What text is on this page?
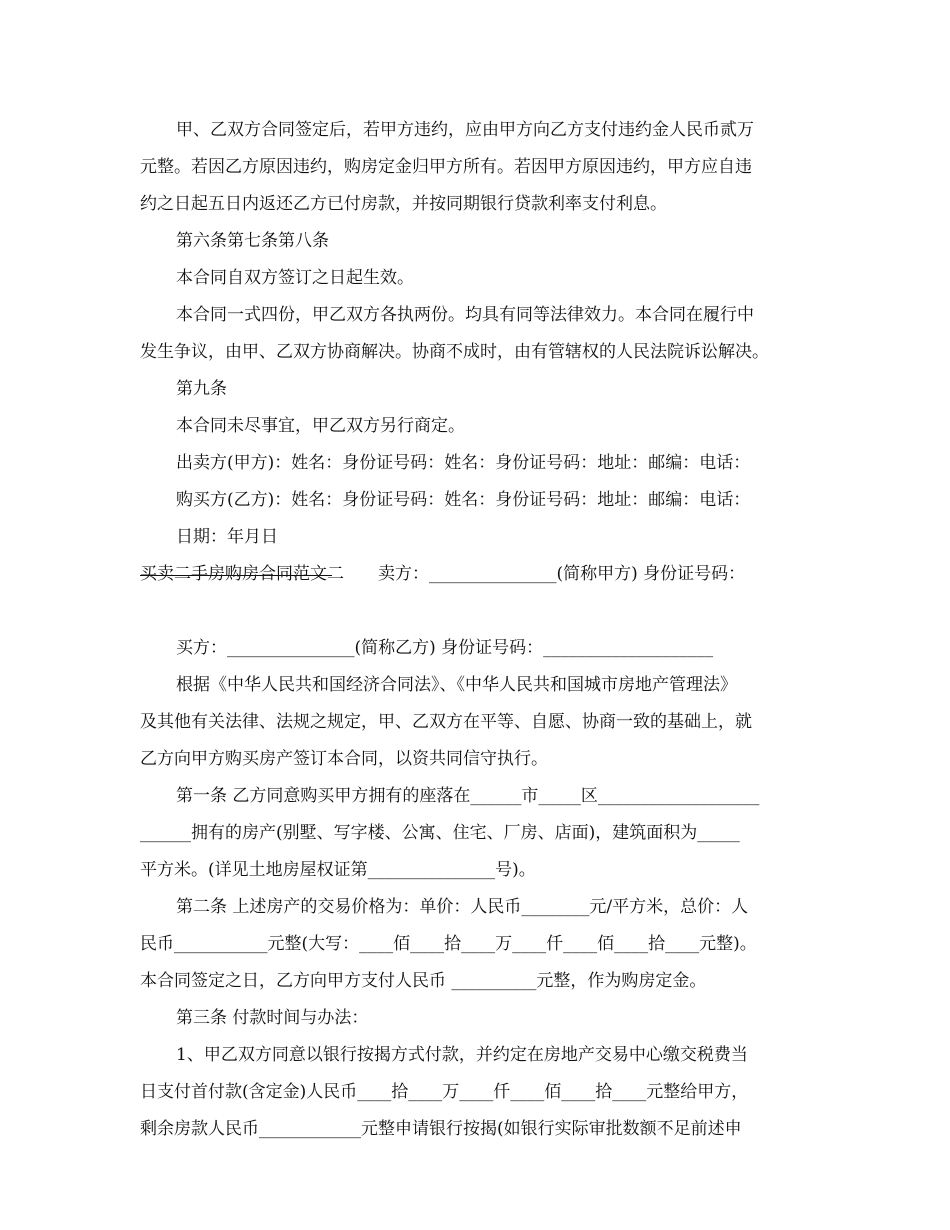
甲、乙双方合同签定后，若甲方违约，应由甲方向乙方支付违约金人民币贰万
元整。若因乙方原因违约，购房定金归甲方所有。若因甲方原因违约，甲方应自违
约之日起五日内返还乙方已付房款，并按同期银行贷款利率支付利息。
第六条第七条第八条
本合同自双方签订之日起生效。
本合同一式四份，甲乙双方各执两份。均具有同等法律效力。本合同在履行中
发生争议，由甲、乙双方协商解决。协商不成时，由有管辖权的人民法院诉讼解决。
第九条
本合同未尽事宜，甲乙双方另行商定。
出卖方(甲方)：姓名：身份证号码：姓名：身份证号码：地址：邮编：电话：
购买方(乙方)：姓名：身份证号码：姓名：身份证号码：地址：邮编：电话：
日期：年月日
买卖二手房购房合同范文二　　卖方：_______________(简称甲方) 身份证号码：
买方：_______________(简称乙方) 身份证号码：____________________
根据《中华人民共和国经济合同法》、《中华人民共和国城市房地产管理法》
及其他有关法律、法规之规定，甲、乙双方在平等、自愿、协商一致的基础上，就
乙方向甲方购买房产签订本合同，以资共同信守执行。
第一条 乙方同意购买甲方拥有的座落在______市_____区___________________
______拥有的房产(别墅、写字楼、公寓、住宅、厂房、店面)，建筑面积为_____
平方米。(详见土地房屋权证第_______________号)。
第二条 上述房产的交易价格为：单价：人民币________元/平方米，总价：人
民币___________元整(大写：____佰____拾____万____仟____佰____拾____元整)。
本合同签定之日，乙方向甲方支付人民币 __________元整，作为购房定金。
第三条 付款时间与办法：
1、甲乙双方同意以银行按揭方式付款，并约定在房地产交易中心缴交税费当
日支付首付款(含定金)人民币____拾____万____仟____佰____拾____元整给甲方，
剩余房款人民币____________元整申请银行按揭(如银行实际审批数额不足前述申
